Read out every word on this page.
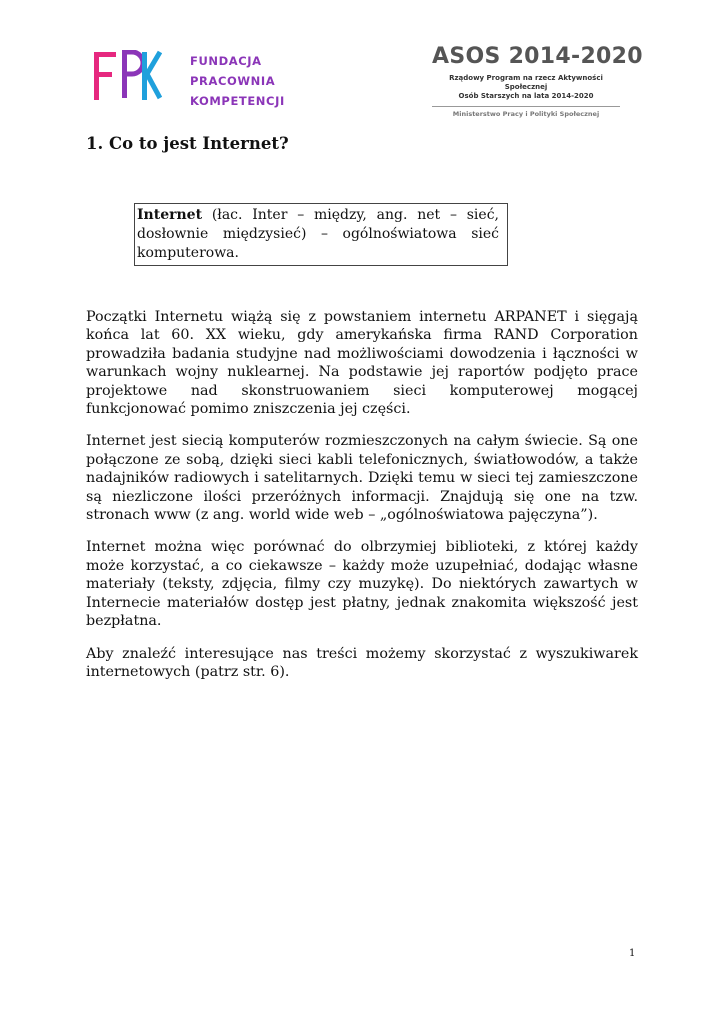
FUNDACJA
PRACOWNIA
KOMPETENCJI
ASOS 2014-2020
Rządowy Program na rzecz Aktywności Społecznej
Osób Starszych na lata 2014-2020
Ministerstwo Pracy i Polityki Społecznej
1. Co to jest Internet?
Internet (łac. Inter – między, ang. net – sieć, dosłownie międzysieć) – ogólnoświatowa sieć komputerowa.

Początki Internetu wiążą się z powstaniem internetu ARPANET i sięgają końca lat 60. XX wieku, gdy amerykańska firma RAND Corporation prowadziła badania studyjne nad możliwościami dowodzenia i łączności w warunkach wojny nuklearnej. Na podstawie jej raportów podjęto prace projektowe nad skonstruowaniem sieci komputerowej mogącej funkcjonować pomimo zniszczenia jej części.

Internet jest siecią komputerów rozmieszczonych na całym świecie. Są one połączone ze sobą, dzięki sieci kabli telefonicznych, światłowodów, a także nadajników radiowych i satelitarnych. Dzięki temu w sieci tej zamieszczone są niezliczone ilości przeróżnych informacji. Znajdują się one na tzw. stronach www (z ang. world wide web – „ogólnoświatowa pajęczyna”).

Internet można więc porównać do olbrzymiej biblioteki, z której każdy może korzystać, a co ciekawsze – każdy może uzupełniać, dodając własne materiały (teksty, zdjęcia, filmy czy muzykę). Do niektórych zawartych w Internecie materiałów dostęp jest płatny, jednak znakomita większość jest bezpłatna.

Aby znaleźć interesujące nas treści możemy skorzystać z wyszukiwarek internetowych (patrz str. 6).

1
